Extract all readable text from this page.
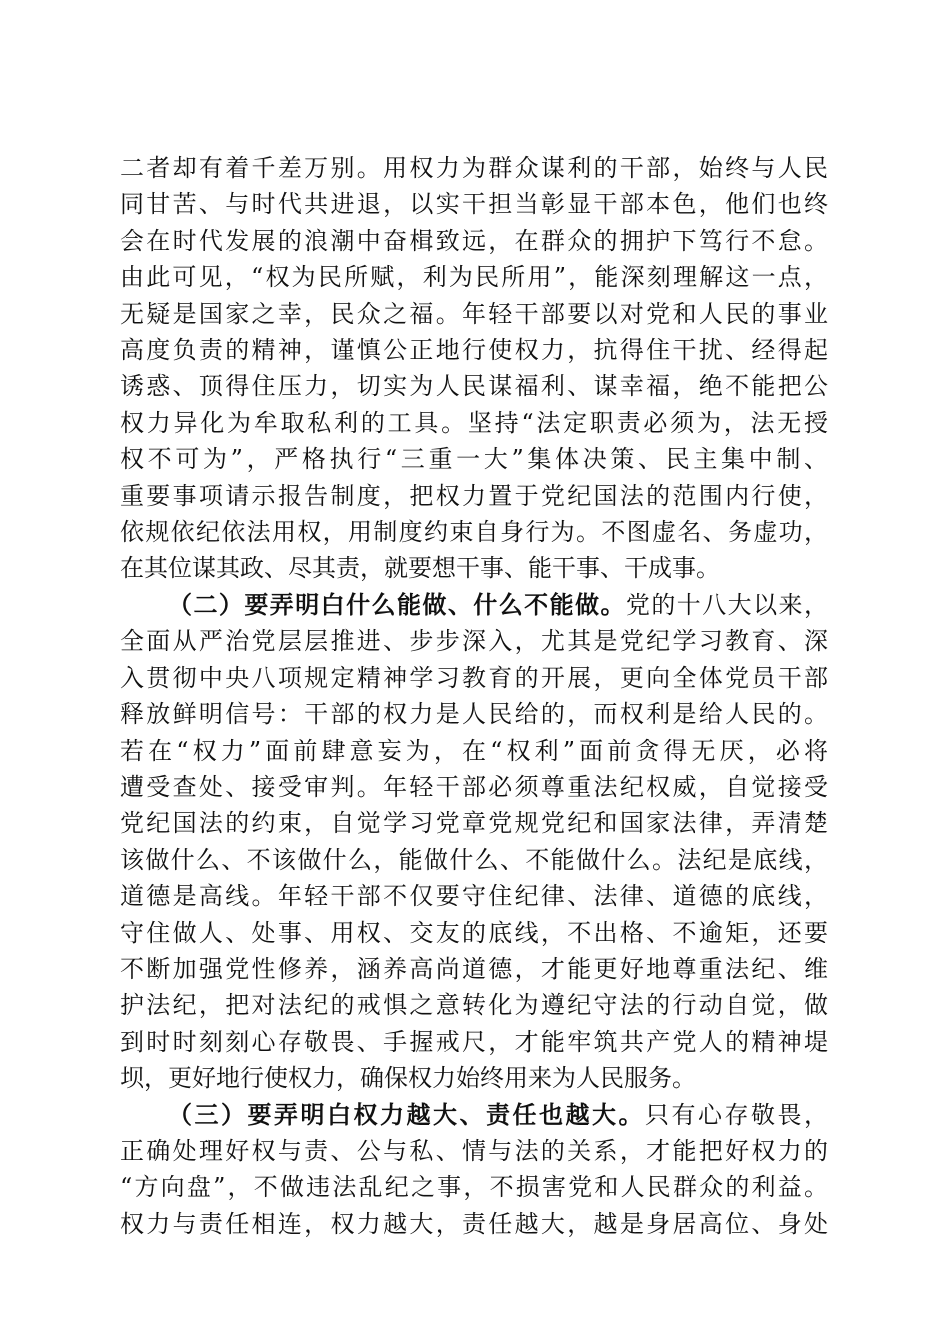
二者却有着千差万别。用权力为群众谋利的干部，始终与人民

同甘苦、与时代共进退，以实干担当彰显干部本色，他们也终

会在时代发展的浪潮中奋楫致远，在群众的拥护下笃行不怠。

由此可见，“权为民所赋，利为民所用”，能深刻理解这一点，

无疑是国家之幸，民众之福。年轻干部要以对党和人民的事业

高度负责的精神，谨慎公正地行使权力，抗得住干扰、经得起

诱惑、顶得住压力，切实为人民谋福利、谋幸福，绝不能把公

权力异化为牟取私利的工具。坚持“法定职责必须为，法无授

权不可为”，严格执行“三重一大”集体决策、民主集中制、

重要事项请示报告制度，把权力置于党纪国法的范围内行使，

依规依纪依法用权，用制度约束自身行为。不图虚名、务虚功，

在其位谋其政、尽其责，就要想干事、能干事、干成事。

（二）要弄明白什么能做、什么不能做。党的十八大以来，

全面从严治党层层推进、步步深入，尤其是党纪学习教育、深

入贯彻中央八项规定精神学习教育的开展，更向全体党员干部

释放鲜明信号：干部的权力是人民给的，而权利是给人民的。

若在“权力”面前肆意妄为，在“权利”面前贪得无厌，必将

遭受查处、接受审判。年轻干部必须尊重法纪权威，自觉接受

党纪国法的约束，自觉学习党章党规党纪和国家法律，弄清楚

该做什么、不该做什么，能做什么、不能做什么。法纪是底线，

道德是高线。年轻干部不仅要守住纪律、法律、道德的底线，

守住做人、处事、用权、交友的底线，不出格、不逾矩，还要

不断加强党性修养，涵养高尚道德，才能更好地尊重法纪、维

护法纪，把对法纪的戒惧之意转化为遵纪守法的行动自觉，做

到时时刻刻心存敬畏、手握戒尺，才能牢筑共产党人的精神堤

坝，更好地行使权力，确保权力始终用来为人民服务。

（三）要弄明白权力越大、责任也越大。只有心存敬畏，

正确处理好权与责、公与私、情与法的关系，才能把好权力的

“方向盘”，不做违法乱纪之事，不损害党和人民群众的利益。

权力与责任相连，权力越大，责任越大，越是身居高位、身处
